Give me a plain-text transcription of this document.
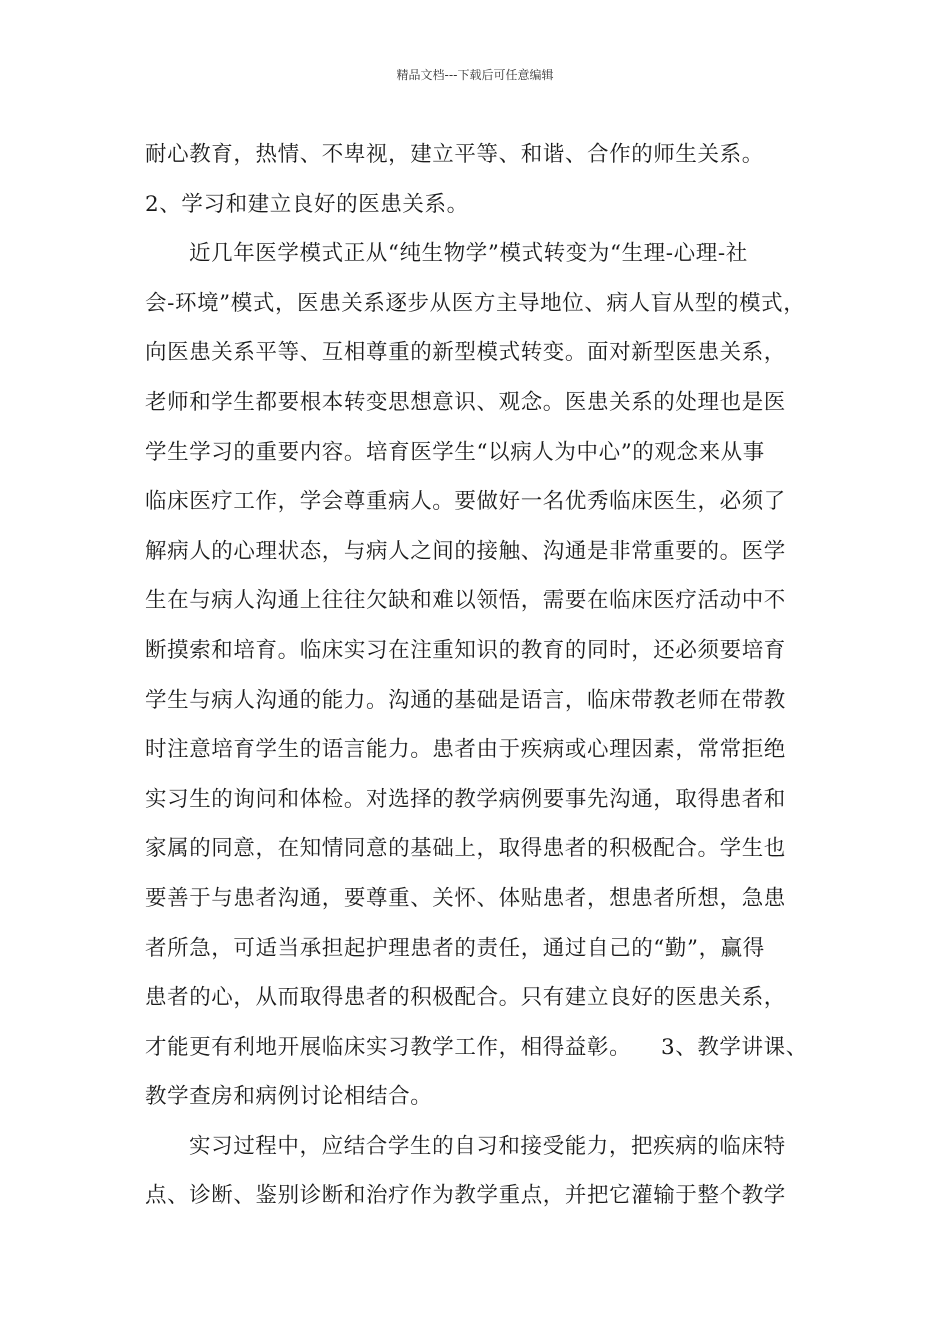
精品文档---下载后可任意编辑
耐心教育，热情、不卑视，建立平等、和谐、合作的师生关系。
2、学习和建立良好的医患关系。
近几年医学模式正从“纯生物学”模式转变为“生理-心理-社
会-环境”模式，医患关系逐步从医方主导地位、病人盲从型的模式，
向医患关系平等、互相尊重的新型模式转变。面对新型医患关系，
老师和学生都要根本转变思想意识、观念。医患关系的处理也是医
学生学习的重要内容。培育医学生“以病人为中心”的观念来从事
临床医疗工作，学会尊重病人。要做好一名优秀临床医生，必须了
解病人的心理状态，与病人之间的接触、沟通是非常重要的。医学
生在与病人沟通上往往欠缺和难以领悟，需要在临床医疗活动中不
断摸索和培育。临床实习在注重知识的教育的同时，还必须要培育
学生与病人沟通的能力。沟通的基础是语言，临床带教老师在带教
时注意培育学生的语言能力。患者由于疾病或心理因素，常常拒绝
实习生的询问和体检。对选择的教学病例要事先沟通，取得患者和
家属的同意，在知情同意的基础上，取得患者的积极配合。学生也
要善于与患者沟通，要尊重、关怀、体贴患者，想患者所想，急患
者所急，可适当承担起护理患者的责任，通过自己的“勤”，赢得
患者的心，从而取得患者的积极配合。只有建立良好的医患关系，
才能更有利地开展临床实习教学工作，相得益彰。    3、教学讲课、
教学查房和病例讨论相结合。
实习过程中，应结合学生的自习和接受能力，把疾病的临床特
点、诊断、鉴别诊断和治疗作为教学重点，并把它灌输于整个教学
